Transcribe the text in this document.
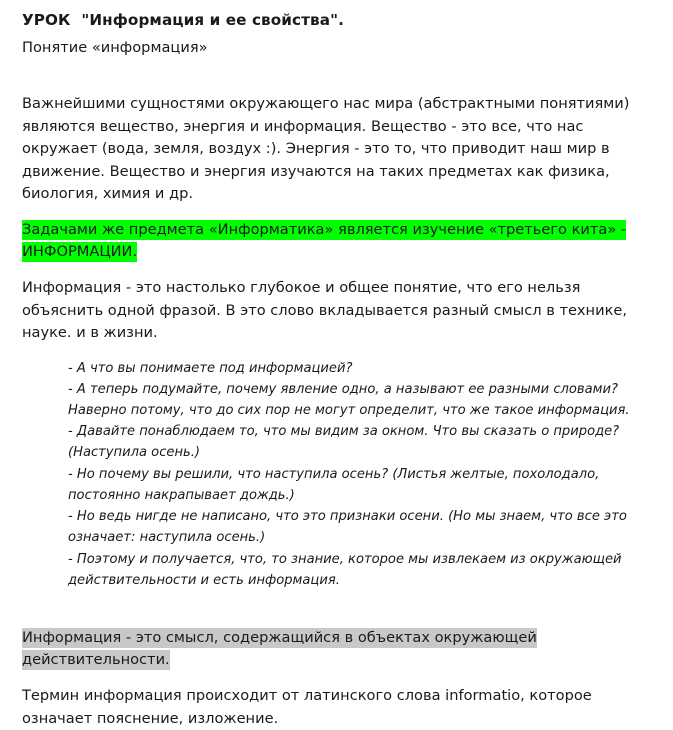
УРОК  "Информация и ее свойства".

Понятие «информация»

Важнейшими сущностями окружающего нас мира (абстрактными понятиями) являются вещество, энергия и информация. Вещество - это все, что нас окружает (вода, земля, воздух :). Энергия - это то, что приводит наш мир в движение. Вещество и энергия изучаются на таких предметах как физика, биология, химия и др.

Задачами же предмета «Информатика» является изучение «третьего кита» - ИНФОРМАЦИИ.

Информация - это настолько глубокое и общее понятие, что его нельзя объяснить одной фразой. В это слово вкладывается разный смысл в технике, науке. и в жизни.

- А что вы понимаете под информацией?

- А теперь подумайте, почему явление одно, а называют ее разными словами? Наверно потому, что до сих пор не могут определит, что же такое информация.

- Давайте понаблюдаем то, что мы видим за окном. Что вы сказать о природе? (Наступила осень.)

- Но почему вы решили, что наступила осень? (Листья желтые, похолодало, постоянно накрапывает дождь.)

- Но ведь нигде не написано, что это признаки осени. (Но мы знаем, что все это означает: наступила осень.)

- Поэтому и получается, что, то знание, которое мы извлекаем из окружающей действительности и есть информация.

Информация - это смысл, содержащийся в объектах окружающей действительности.

Термин информация происходит от латинского слова informatio, которое означает пояснение, изложение.
